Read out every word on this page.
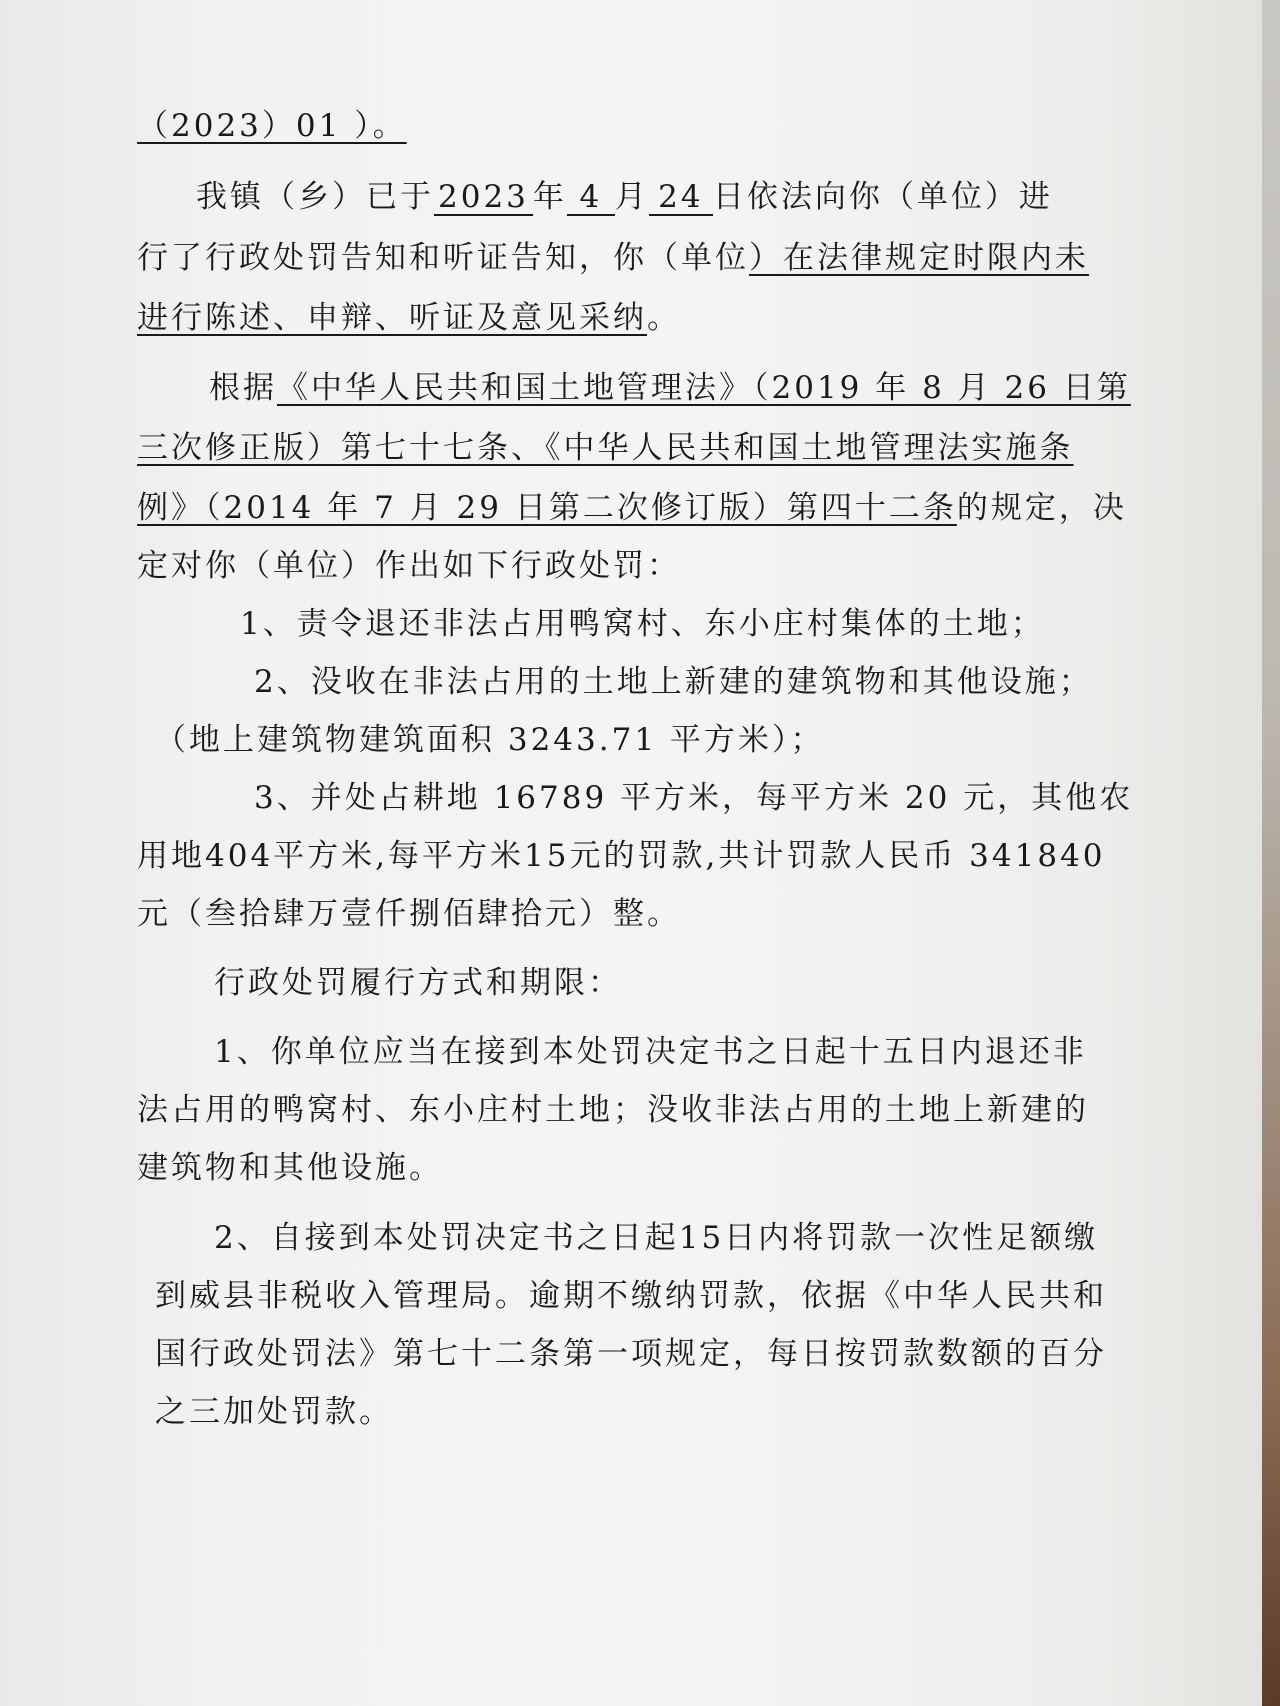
（2023）01 ）。
我镇（乡）已于 2023 年 4 月 24 日依法向你（单位）进
行了行政处罚告知和听证告知，你（单位）在法律规定时限内未
进行陈述、申辩、听证及意见采纳。
根据《中华人民共和国土地管理法》（2019 年 8 月 26 日第
三次修正版）第七十七条、《中华人民共和国土地管理法实施条
例》（2014 年 7 月 29 日第二次修订版）第四十二条的规定，决
定对你（单位）作出如下行政处罚：
1、责令退还非法占用鸭窝村、东小庄村集体的土地；
2、没收在非法占用的土地上新建的建筑物和其他设施；
（地上建筑物建筑面积 3243.71 平方米）；
3、并处占耕地 16789 平方米，每平方米 20 元，其他农
用地404平方米,每平方米15元的罚款,共计罚款人民币 341840
元（叁拾肆万壹仟捌佰肆拾元）整。
行政处罚履行方式和期限：
1、你单位应当在接到本处罚决定书之日起十五日内退还非
法占用的鸭窝村、东小庄村土地；没收非法占用的土地上新建的
建筑物和其他设施。
2、自接到本处罚决定书之日起15日内将罚款一次性足额缴
到威县非税收入管理局。逾期不缴纳罚款，依据《中华人民共和
国行政处罚法》第七十二条第一项规定，每日按罚款数额的百分
之三加处罚款。
